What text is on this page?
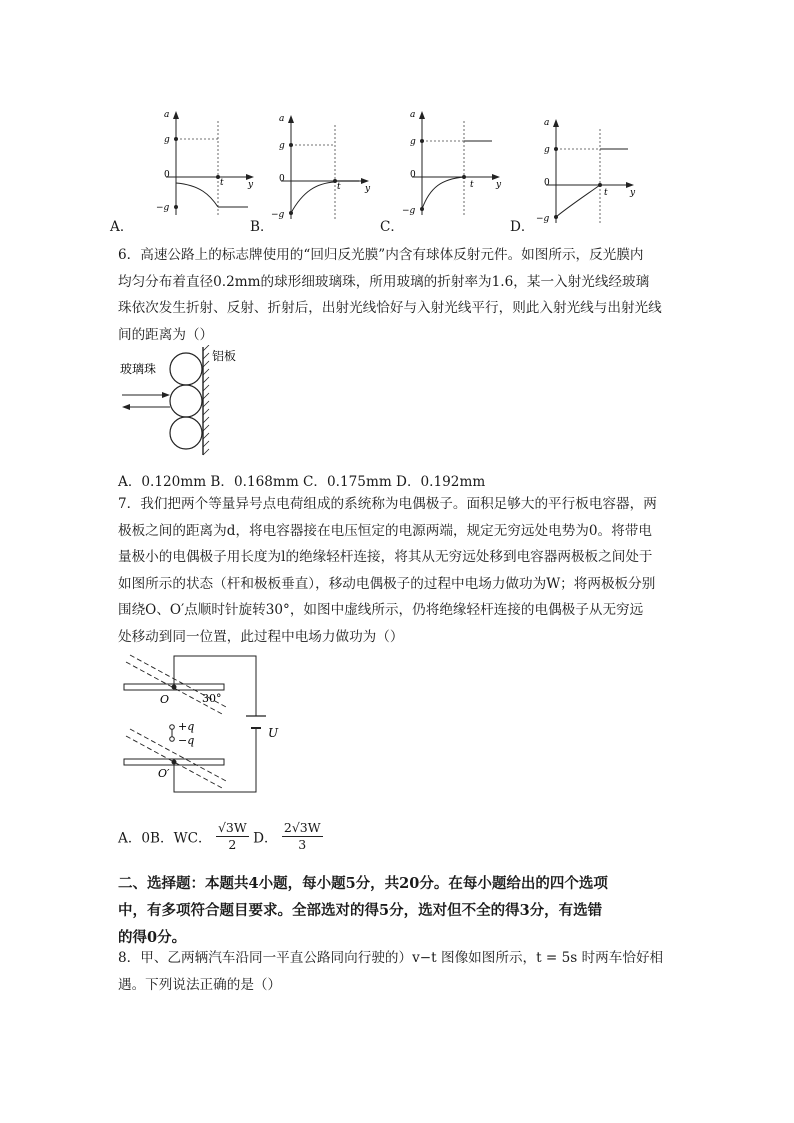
a
g
0
−g
t	y
A．
a
g
0
−g
t	y
B．
a
g
0
−g
t y
C．
a
g
0
−g
t y
D．
6．高速公路上的标志牌使用的“回归反光膜”内含有球体反射元件。如图所示，反光膜内
均匀分布着直径0.2mm的球形细玻璃珠，所用玻璃的折射率为1.6，某一入射光线经玻璃
珠依次发生折射、反射、折射后，出射光线恰好与入射光线平行，则此入射光线与出射光线
间的距离为（）
玻璃珠
铝板
A．0.120mm B．0.168mm C．0.175mm D．0.192mm
7．我们把两个等量异号点电荷组成的系统称为电偶极子。面积足够大的平行板电容器，两
极板之间的距离为d，将电容器接在电压恒定的电源两端，规定无穷远处电势为0。将带电
量极小的电偶极子用长度为l的绝缘轻杆连接，将其从无穷远处移到电容器两极板之间处于
如图所示的状态（杆和极板垂直），移动电偶极子的过程中电场力做功为W；将两极板分别
围绕O、O′点顺时针旋转30°，如图中虚线所示，仍将绝缘轻杆连接的电偶极子从无穷远
处移动到同一位置，此过程中电场力做功为（）
O	30°
+q
−q
O′
U
A．0B．WC． $\frac{√3W}{2}$ D． $\frac{2√3W}{3}$
二、选择题：本题共4小题，每小题5分，共20分。在每小题给出的四个选项
中，有多项符合题目要求。全部选对的得5分，选对但不全的得3分，有选错
的得0分。
8．甲、乙两辆汽车沿同一平直公路同向行驶的）v−t 图像如图所示，t = 5s 时两车恰好相
遇。下列说法正确的是（）
